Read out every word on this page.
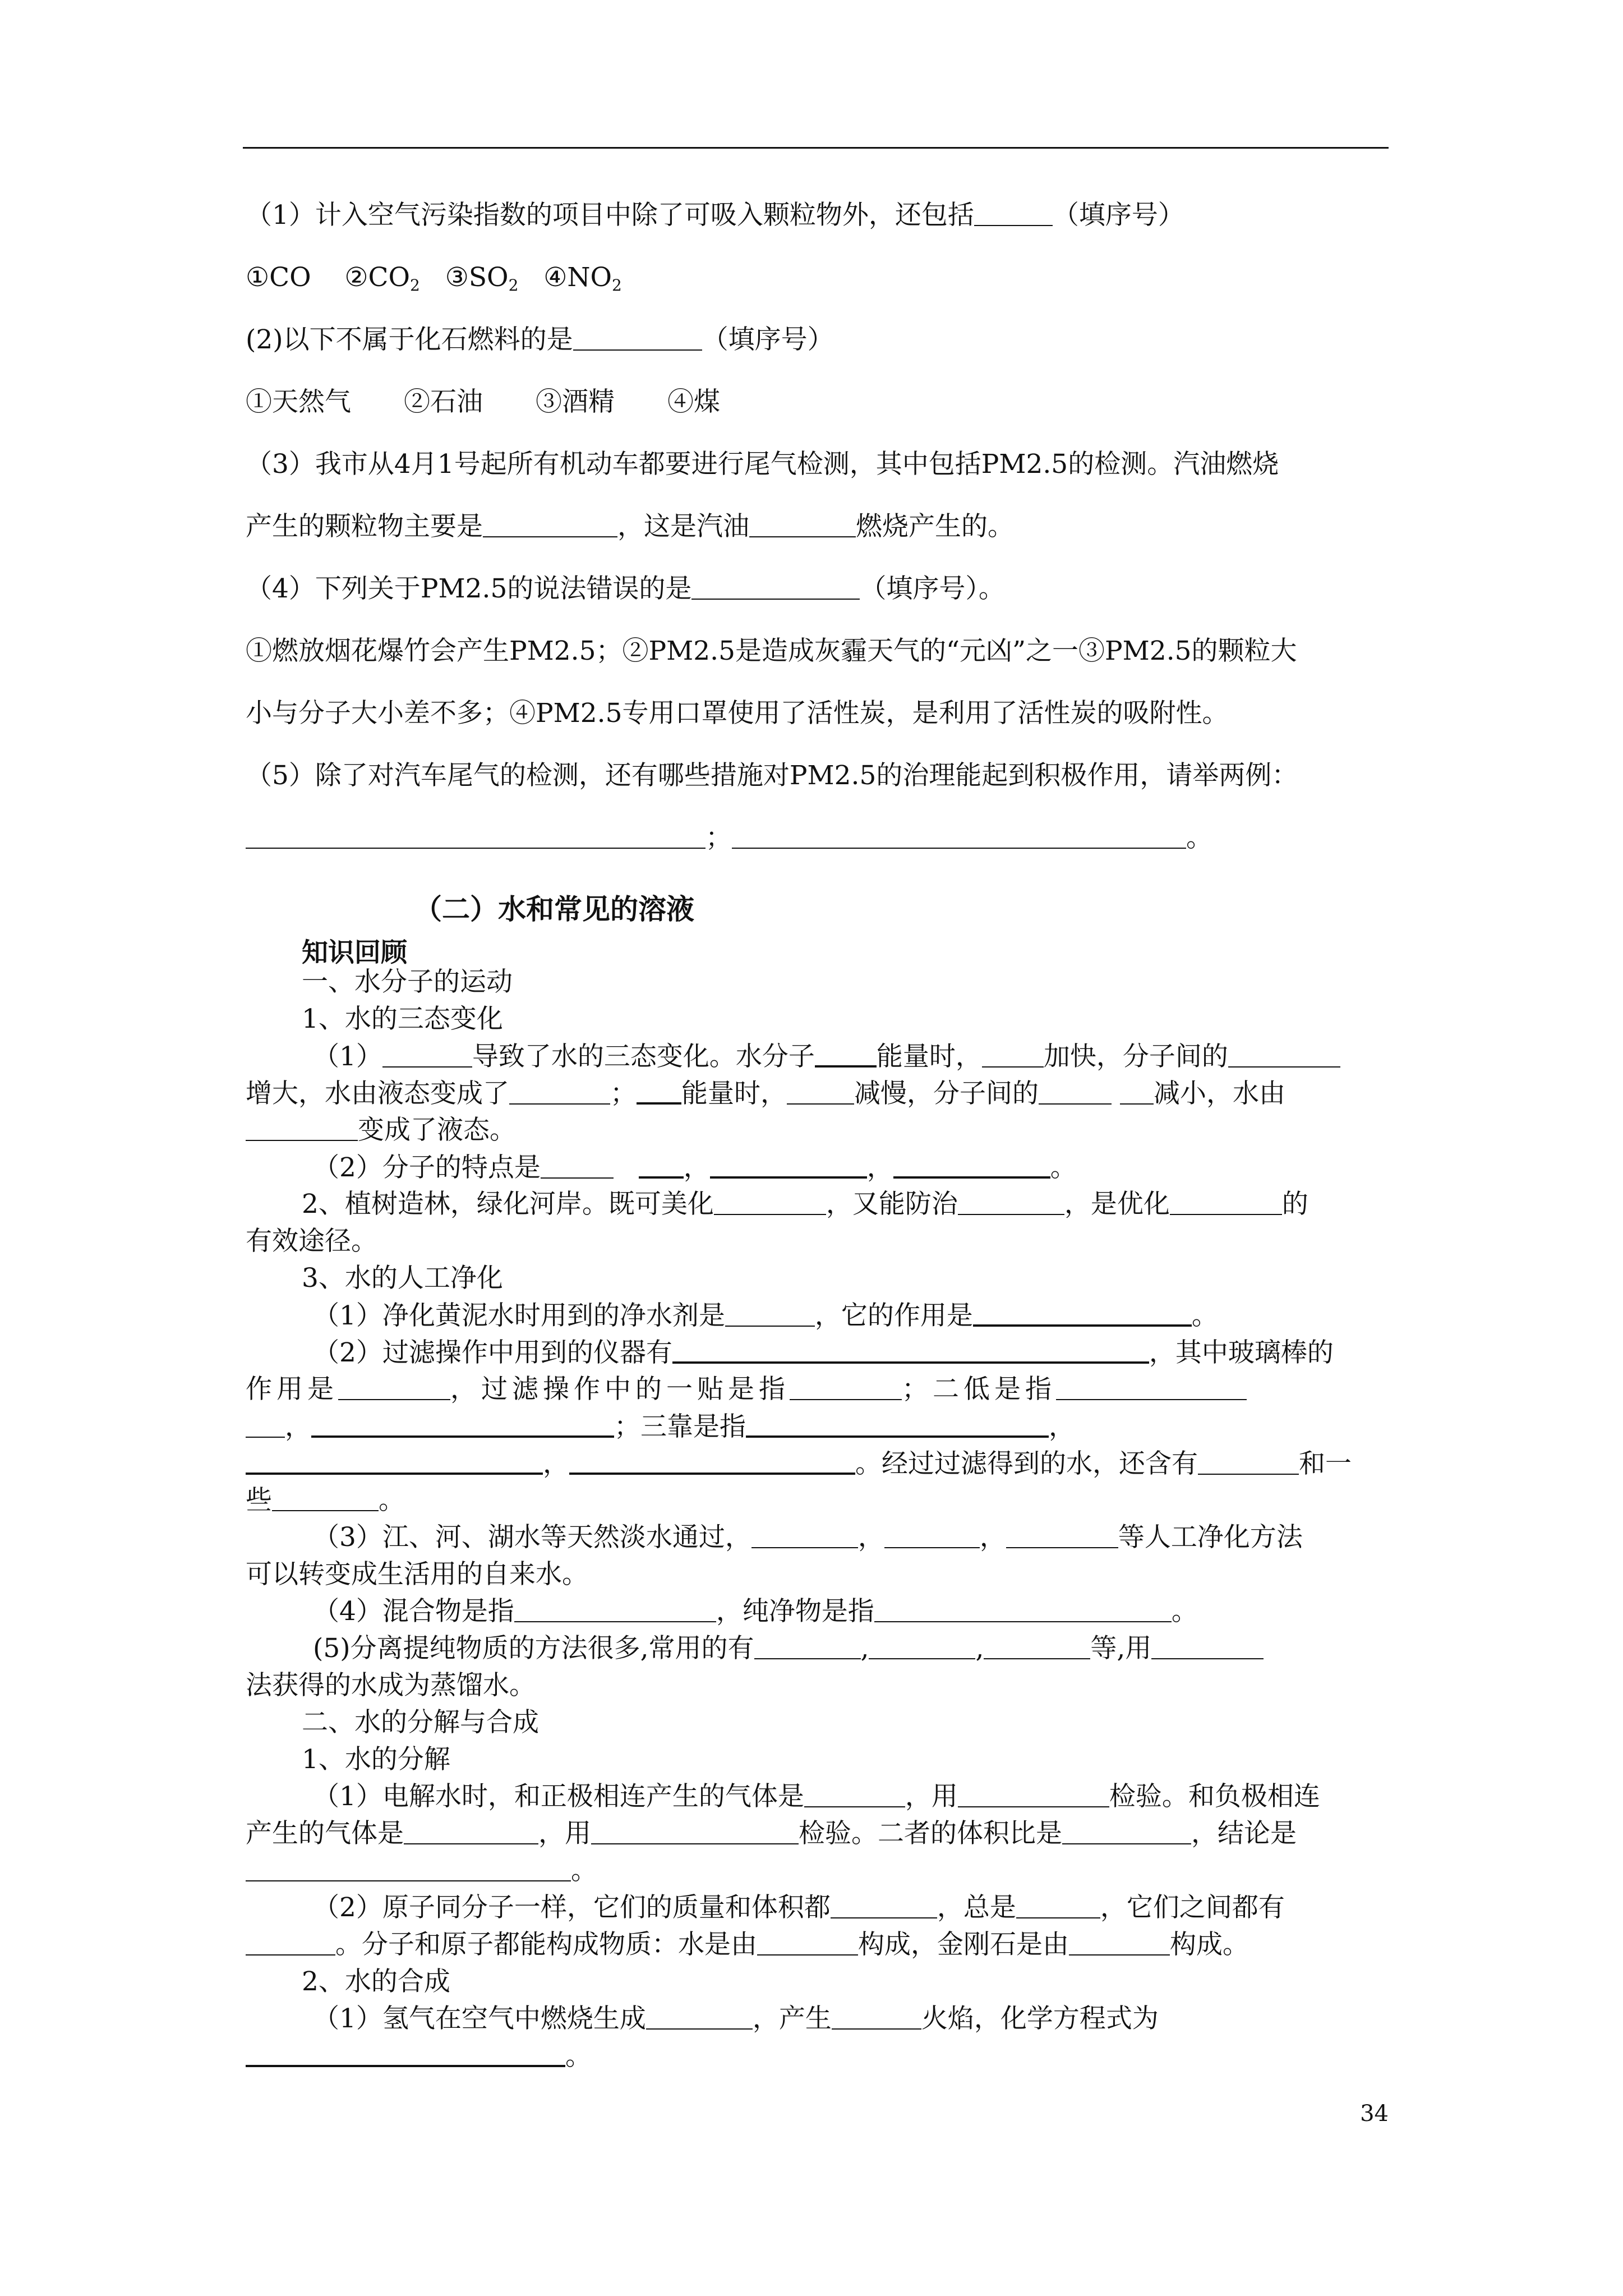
（1）计入空气污染指数的项目中除了可吸入颗粒物外，还包括	（填序号）
①CO $②CO_2$ $③SO_2$ $④NO_2$
(2)以下不属于化石燃料的是	（填序号）
①天然气　　②石油　　③酒精　　④煤
（3）我市从4月1号起所有机动车都要进行尾气检测，其中包括PM2.5的检测。汽油燃烧
产生的颗粒物主要是	，这是汽油	燃烧产生的。
（4）下列关于PM2.5的说法错误的是	（填序号）。
①燃放烟花爆竹会产生PM2.5；②PM2.5是造成灰霾天气的“元凶”之一③PM2.5的颗粒大
小与分子大小差不多；④PM2.5专用口罩使用了活性炭，是利用了活性炭的吸附性。
（5）除了对汽车尾气的检测，还有哪些措施对PM2.5的治理能起到积极作用，请举两例：
；	。
（二）水和常见的溶液
知识回顾
一、水分子的运动
1、水的三态变化
（1）	导致了水的三态变化。水分子 能量时， 加快，分子间的
增大，水由液态变成了	； 能量时，	减慢，分子间的	减小，水由
变成了液态。
（2）分子的特点是	，	，	。
2、植树造林，绿化河岸。既可美化	，又能防治	，是优化	的
有效途径。
3、水的人工净化
（1）净化黄泥水时用到的净水剂是	，它的作用是	。
（2）过滤操作中用到的仪器有	，其中玻璃棒的
作用是	，过滤操作中的一贴是指	；二低是指
，	；三靠是指	，
，	。经过过滤得到的水，还含有	和一
些	。
（3）江、河、湖水等天然淡水通过，	，	，	等人工净化方法
可以转变成生活用的自来水。
（4）混合物是指	，纯净物是指	。
(5)分离提纯物质的方法很多,常用的有	,	,	等,用
法获得的水成为蒸馏水。
二、水的分解与合成
1、水的分解
（1）电解水时，和正极相连产生的气体是	，用	检验。和负极相连
产生的气体是	，用	检验。二者的体积比是	，结论是
。
（2）原子同分子一样，它们的质量和体积都	，总是	，它们之间都有
。分子和原子都能构成物质：水是由	构成，金刚石是由	构成。
2、水的合成
（1）氢气在空气中燃烧生成	，产生	火焰，化学方程式为
。
34
